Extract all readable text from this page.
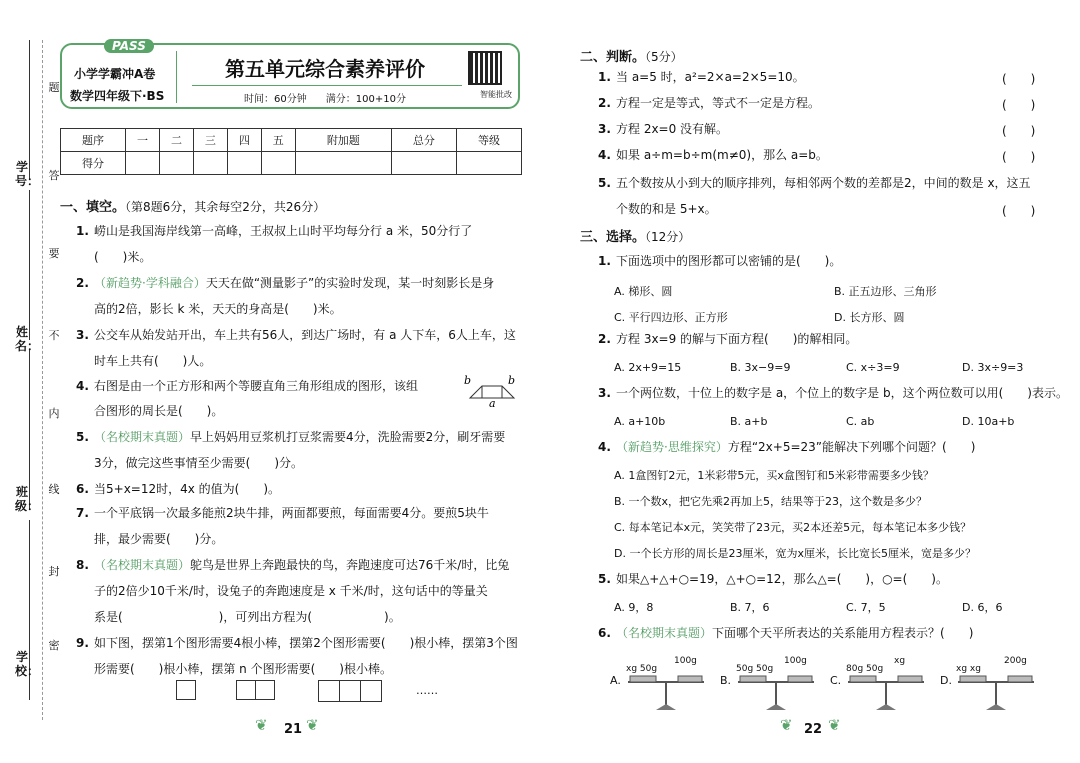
题
答
要
不
内
线
封
密
学号：
姓名：
班级：
学校：
PASS
小学学霸冲A卷
数学四年级下·BS
第五单元综合素养评价
时间：60分钟 满分：100+10分	智能批改
题序	一	二	三	四	五	附加题	总分	等级
得分								
一、填空。（第8题6分，其余每空2分，共26分）
1. 崂山是我国海岸线第一高峰，王叔叔上山时平均每分行 a 米，50分行了
(　　)米。
2. （新趋势·学科融合）天天在做“测量影子”的实验时发现，某一时刻影长是身
高的2倍，影长 k 米，天天的身高是(　　)米。
3. 公交车从始发站开出，车上共有56人，到达广场时，有 a 人下车，6人上车，这
时车上共有(　　)人。
4. 右图是由一个正方形和两个等腰直角三角形组成的图形，该组
合图形的周长是(　　)。
5. （名校期末真题）早上妈妈用豆浆机打豆浆需要4分，洗脸需要2分，刷牙需要
3分，做完这些事情至少需要(　　)分。
6. 当5+x=12时，4x 的值为(　　)。
7. 一个平底锅一次最多能煎2块牛排，两面都要煎，每面需要4分。要煎5块牛
排，最少需要(　　)分。
8. （名校期末真题）鸵鸟是世界上奔跑最快的鸟，奔跑速度可达76千米/时，比兔
子的2倍少10千米/时，设兔子的奔跑速度是 x 千米/时，这句话中的等量关
系是(　　　　　　　　)，可列出方程为(　　　　　　)。
9. 如下图，摆第1个图形需要4根小棒，摆第2个图形需要(　　)根小棒，摆第3个图
形需要(　　)根小棒，摆第 n 个图形需要(　　)根小棒。
b	b
a
……
❦ 21 ❦
二、判断。（5分）
1. 当 a=5 时，a²=2×a=2×5=10。	(　　)
2. 方程一定是等式，等式不一定是方程。	(　　)
3. 方程 2x=0 没有解。	(　　)
4. 如果 a÷m=b÷m(m≠0)，那么 a=b。	(　　)
5. 五个数按从小到大的顺序排列，每相邻两个数的差都是2，中间的数是 x，这五
个数的和是 5+x。	(　　)
三、选择。（12分）
1. 下面选项中的图形都可以密铺的是(　　)。
A. 梯形、圆	B. 正五边形、三角形
C. 平行四边形、正方形	D. 长方形、圆
2. 方程 3x=9 的解与下面方程(　　)的解相同。
A. 2x+9=15	B. 3x−9=9	C. x÷3=9	D. 3x÷9=3
3. 一个两位数，十位上的数字是 a，个位上的数字是 b，这个两位数可以用(　　)表示。
A. a+10b	B. a+b	C. ab	D. 10a+b
4. （新趋势·思维探究）方程“2x+5=23”能解决下列哪个问题？(　　)
A. 1盒图钉2元，1米彩带5元，买x盒图钉和5米彩带需要多少钱？
B. 一个数x，把它先乘2再加上5，结果等于23，这个数是多少？
C. 每本笔记本x元，笑笑带了23元，买2本还差5元，每本笔记本多少钱？
D. 一个长方形的周长是23厘米，宽为x厘米，长比宽长5厘米，宽是多少？
5. 如果△+△+○=19，△+○=12，那么△=(　　)，○=(　　)。
A. 9，8	B. 7，6	C. 7，5	D. 6，6
6. （名校期末真题）下面哪个天平所表达的关系能用方程表示？(　　)
A.
xg 50g
100g
B.
50g 50g
100g
C.
80g 50g
xg
D.
xg xg
200g
❦ 22 ❦
